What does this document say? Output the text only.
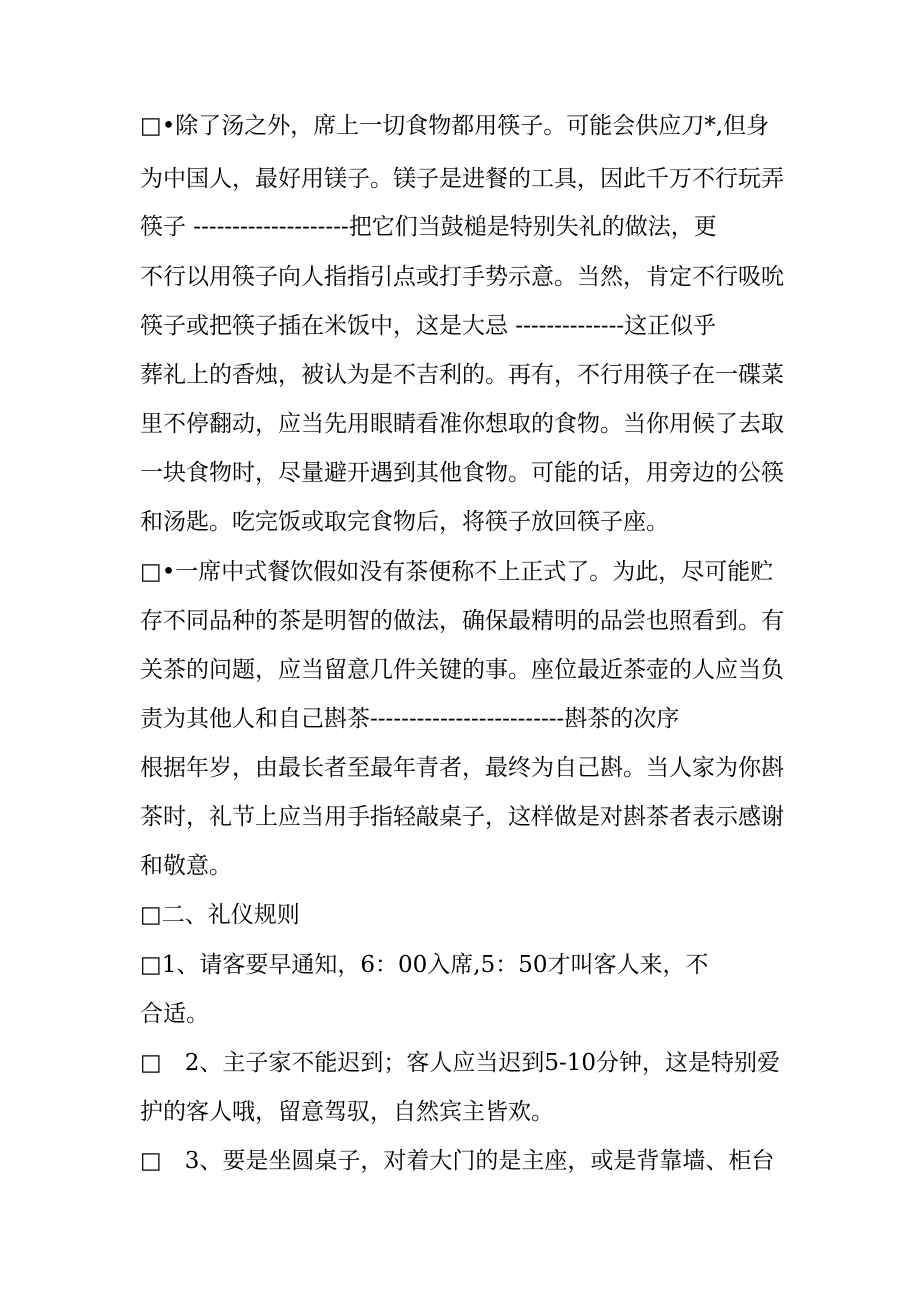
□•除了汤之外，席上一切食物都用筷子。可能会供应刀*,但身
为中国人，最好用镁子。镁子是进餐的工具，因此千万不行玩弄
筷子 --------------------把它们当鼓槌是特别失礼的做法，更
不行以用筷子向人指指引点或打手势示意。当然，肯定不行吸吮
筷子或把筷子插在米饭中，这是大忌 --------------这正似乎
葬礼上的香烛，被认为是不吉利的。再有，不行用筷子在一碟菜
里不停翻动，应当先用眼睛看准你想取的食物。当你用候了去取
一块食物时，尽量避开遇到其他食物。可能的话，用旁边的公筷
和汤匙。吃完饭或取完食物后，将筷子放回筷子座。
□•一席中式餐饮假如没有茶便称不上正式了。为此，尽可能贮
存不同品种的茶是明智的做法，确保最精明的品尝也照看到。有
关茶的问题，应当留意几件关键的事。座位最近茶壶的人应当负
责为其他人和自己斟茶-------------------------斟茶的次序
根据年岁，由最长者至最年青者，最终为自己斟。当人家为你斟
茶时，礼节上应当用手指轻敲桌子，这样做是对斟茶者表示感谢
和敬意。
□二、礼仪规则
□1、请客要早通知，6：00入席,5：50才叫客人来，不
合适。
□　2、主子家不能迟到；客人应当迟到5-10分钟，这是特别爱
护的客人哦，留意驾驭，自然宾主皆欢。
□　3、要是坐圆桌子，对着大门的是主座，或是背靠墙、柜台
